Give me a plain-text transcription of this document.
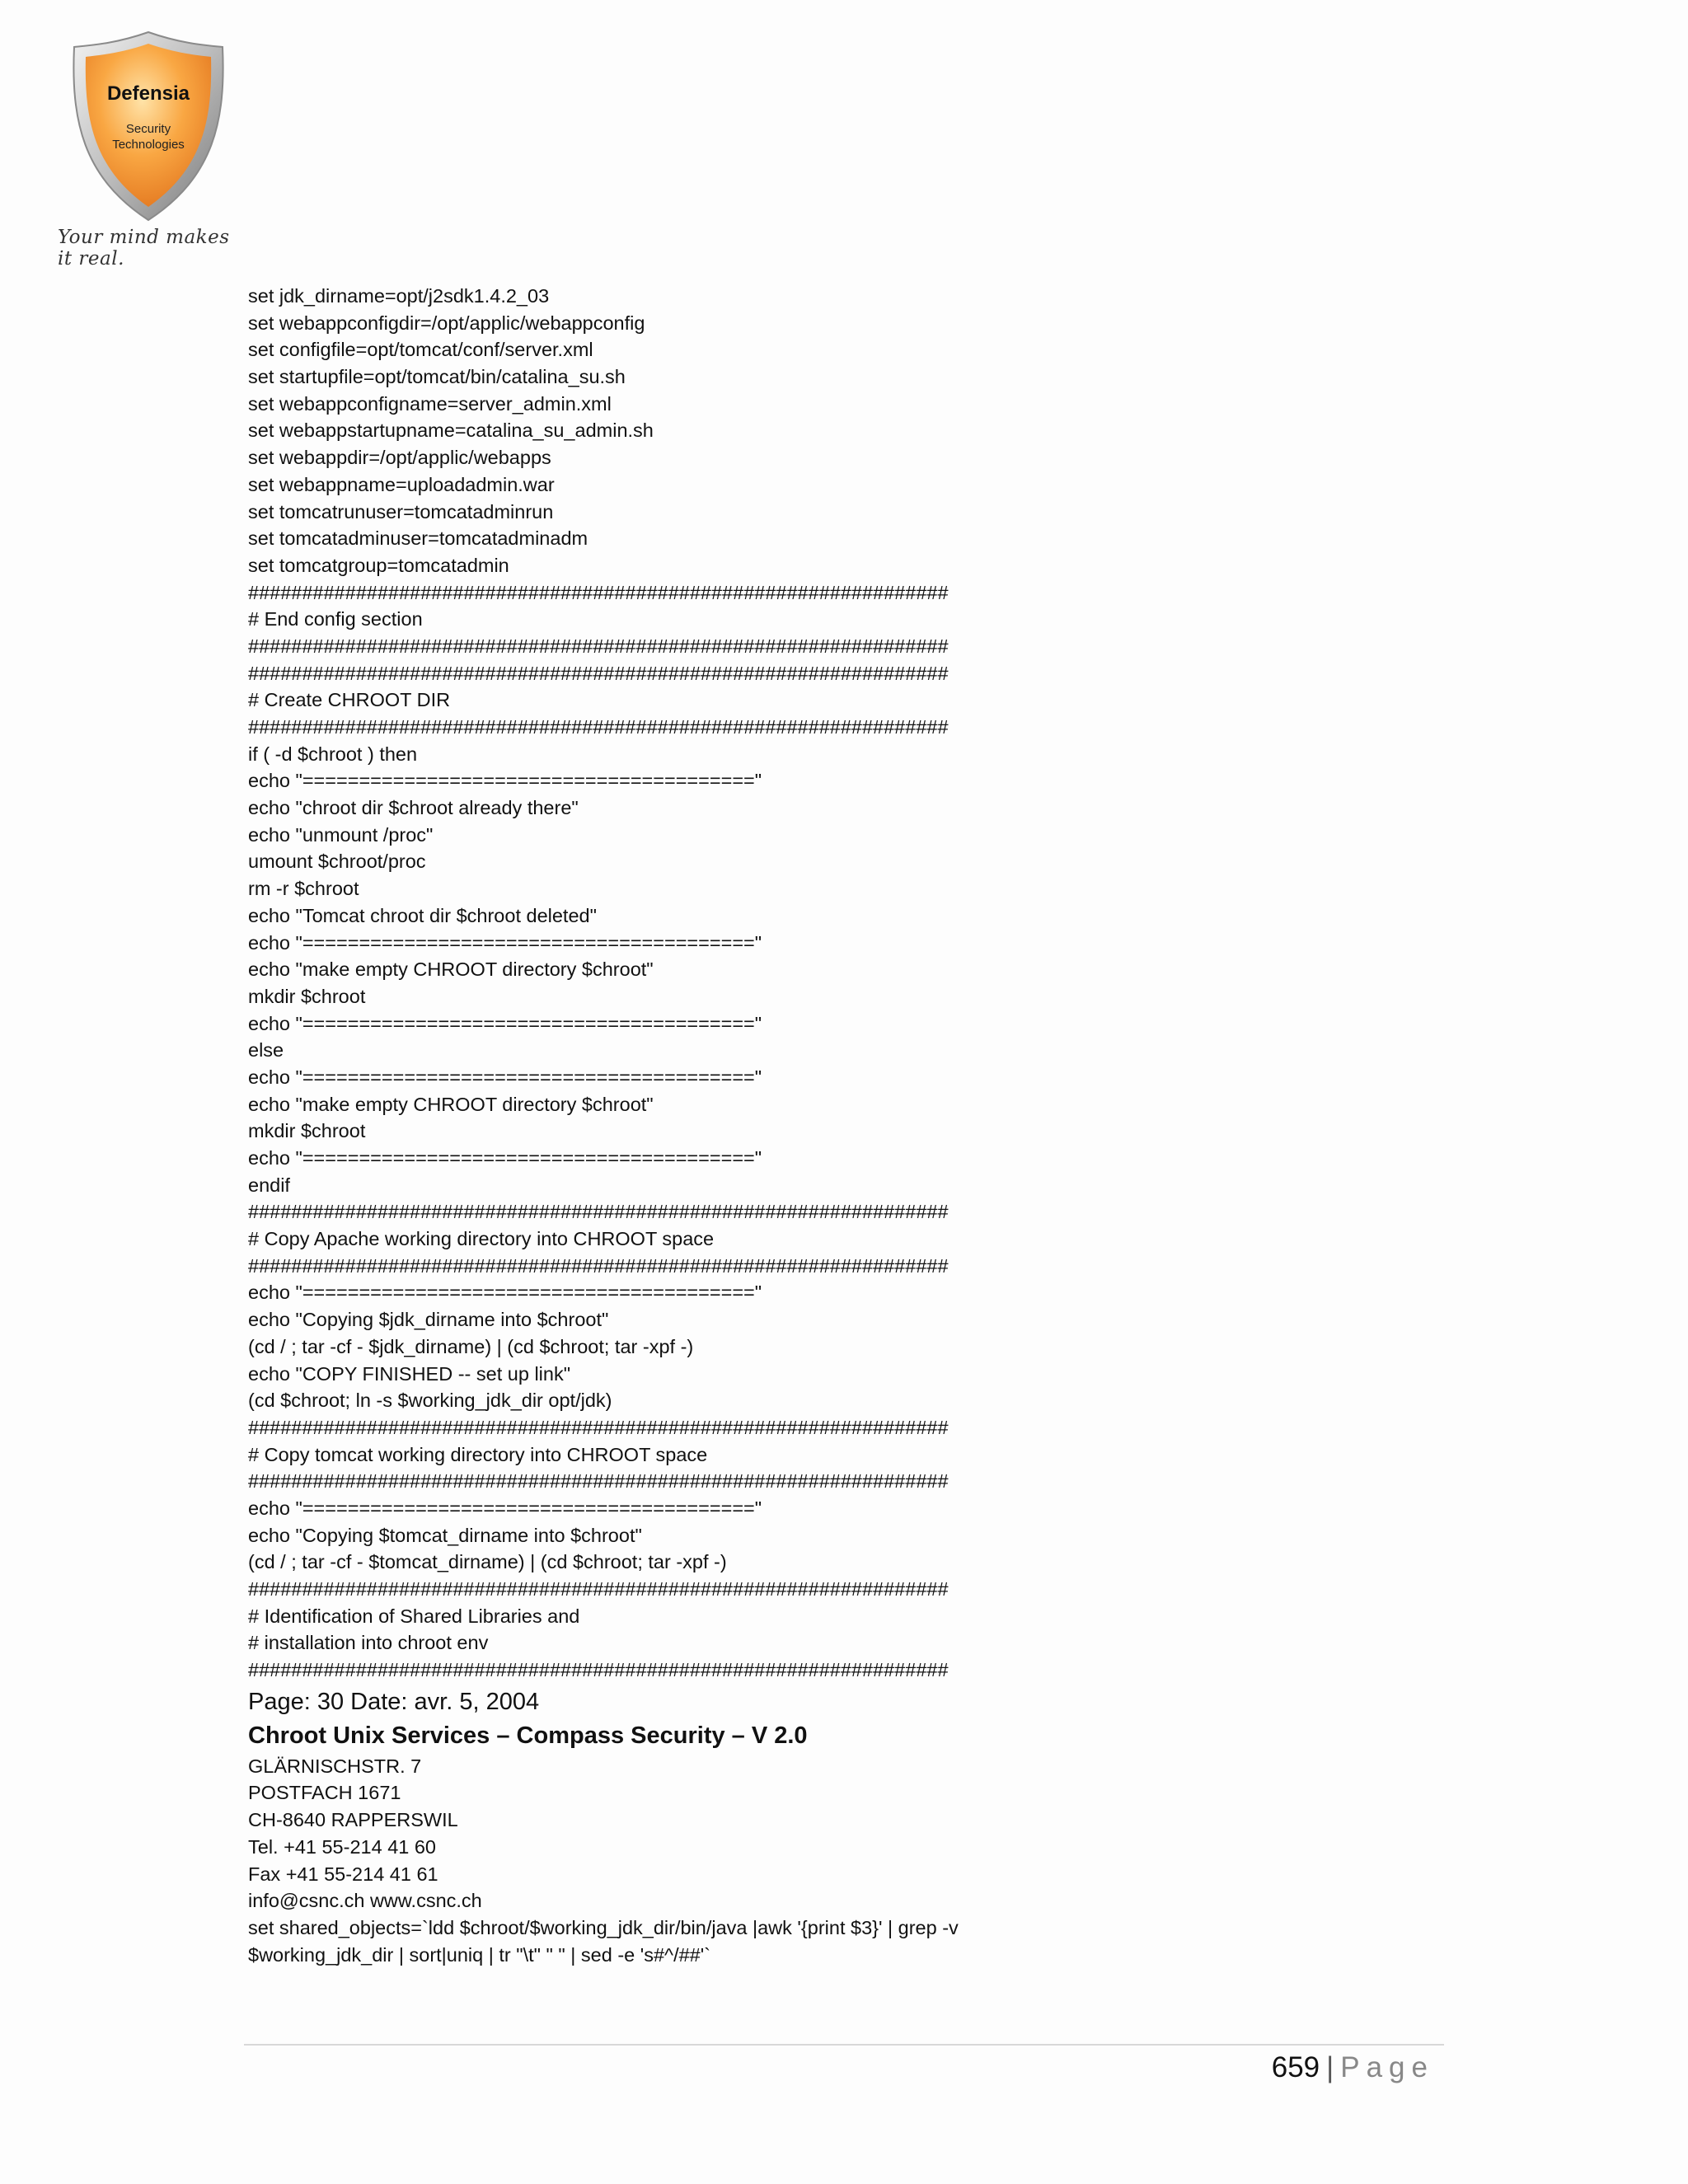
Defensia
Security
Technologies
Your mind makes it real.
set jdk_dirname=opt/j2sdk1.4.2_03
set webappconfigdir=/opt/applic/webappconfig
set configfile=opt/tomcat/conf/server.xml
set startupfile=opt/tomcat/bin/catalina_su.sh
set webappconfigname=server_admin.xml
set webappstartupname=catalina_su_admin.sh
set webappdir=/opt/applic/webapps
set webappname=uploadadmin.war
set tomcatrunuser=tomcatadminrun
set tomcatadminuser=tomcatadminadm
set tomcatgroup=tomcatadmin
#################################################################
# End config section
#################################################################
#################################################################
# Create CHROOT DIR
#################################################################
if ( -d $chroot ) then
echo "========================================"
echo "chroot dir $chroot already there"
echo "unmount /proc"
umount $chroot/proc
rm -r $chroot
echo "Tomcat chroot dir $chroot deleted"
echo "========================================"
echo "make empty CHROOT directory $chroot"
mkdir $chroot
echo "========================================"
else
echo "========================================"
echo "make empty CHROOT directory $chroot"
mkdir $chroot
echo "========================================"
endif
#################################################################
# Copy Apache working directory into CHROOT space
#################################################################
echo "========================================"
echo "Copying $jdk_dirname into $chroot"
(cd / ; tar -cf - $jdk_dirname) | (cd $chroot; tar -xpf -)
echo "COPY FINISHED -- set up link"
(cd $chroot; ln -s $working_jdk_dir opt/jdk)
#################################################################
# Copy tomcat working directory into CHROOT space
#################################################################
echo "========================================"
echo "Copying $tomcat_dirname into $chroot"
(cd / ; tar -cf - $tomcat_dirname) | (cd $chroot; tar -xpf -)
#################################################################
# Identification of Shared Libraries and
# installation into chroot env
#################################################################
Page: 30 Date: avr. 5, 2004
Chroot Unix Services – Compass Security – V 2.0
GLÄRNISCHSTR. 7
POSTFACH 1671
CH-8640 RAPPERSWIL
Tel. +41 55-214 41 60
Fax +41 55-214 41 61
info@csnc.ch www.csnc.ch
set shared_objects=`ldd $chroot/$working_jdk_dir/bin/java |awk '{print $3}' | grep -v
$working_jdk_dir | sort|uniq | tr "\t" " " | sed -e 's#^/##'`
659 | Page
